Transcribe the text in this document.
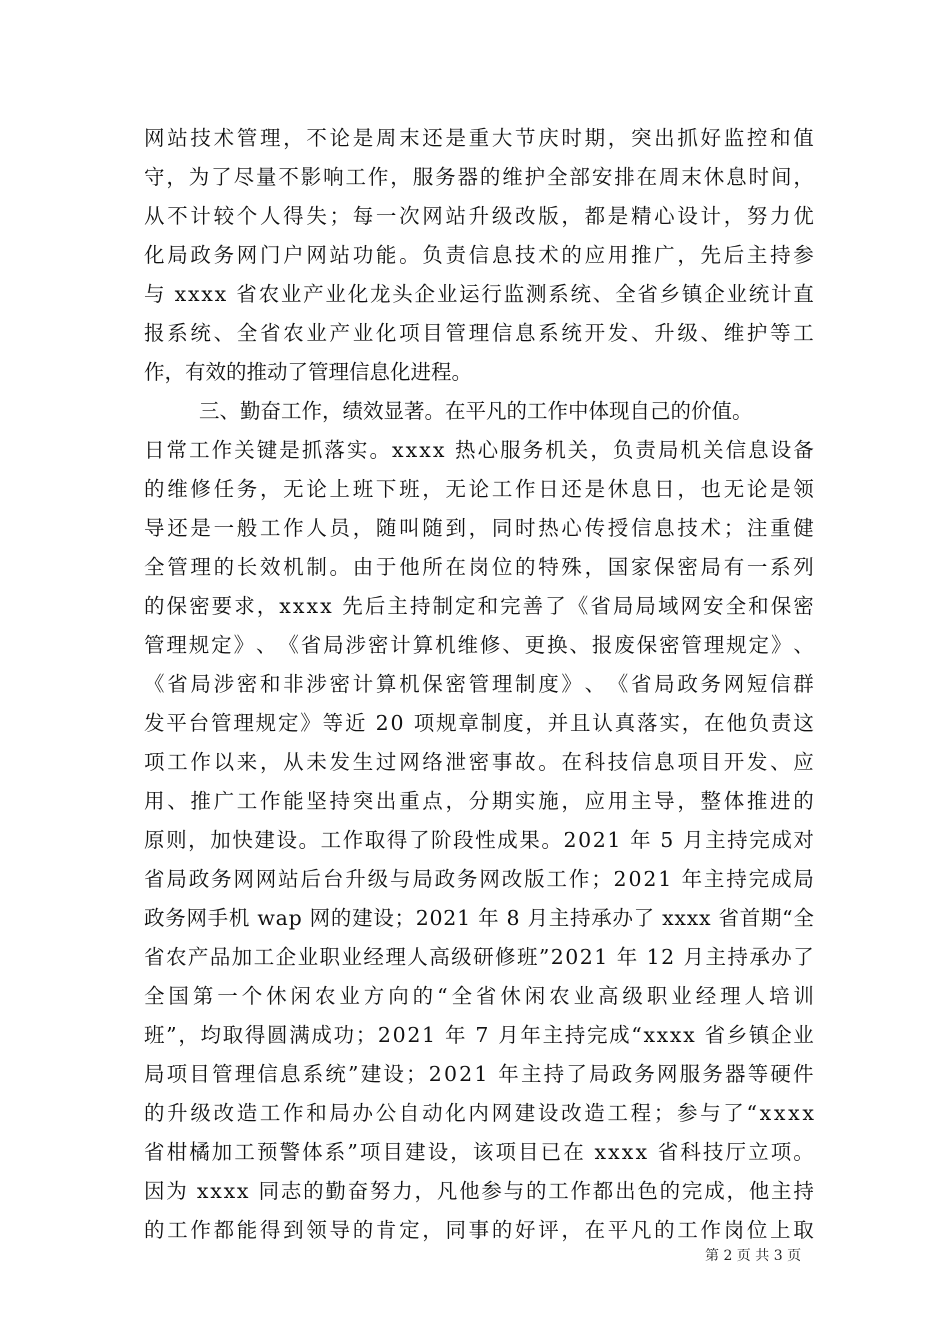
网 站 技 术 管 理 ， 不 论 是 周 末 还 是 重 大 节 庆 时 期 ， 突 出 抓 好 监 控 和 值
守 ， 为 了 尽 量 不 影 响 工 作 ， 服 务 器 的 维 护 全 部 安 排 在 周 末 休 息 时 间 ，
从 不 计 较 个 人 得 失 ； 每 一 次 网 站 升 级 改 版 ， 都 是 精 心 设 计 ， 努 力 优
化 局 政 务 网 门 户 网 站 功 能 。 负 责 信 息 技 术 的 应 用 推 广 ， 先 后 主 持 参
与
x x x x
省 农 业 产 业 化 龙 头 企 业 运 行 监 测 系 统 、 全 省 乡 镇 企 业 统 计 直
报 系 统 、 全 省 农 业 产 业 化 项 目 管 理 信 息 系 统 开 发 、 升 级 、 维 护 等 工
作，有效的推动了管理信息化进程。
三、勤奋工作，绩效显著。在平凡的工作中体现自己的价值。
日 常 工 作 关 键 是 抓 落 实 。 x x x x
热 心 服 务 机 关 ， 负 责 局 机 关 信 息 设 备
的 维 修 任 务 ， 无 论 上 班 下 班 ， 无 论 工 作 日 还 是 休 息 日 ， 也 无 论 是 领
导 还 是 一 般 工 作 人 员 ， 随 叫 随 到 ， 同 时 热 心 传 授 信 息 技 术 ； 注 重 健
全 管 理 的 长 效 机 制 。 由 于 他 所 在 岗 位 的 特 殊 ， 国 家 保 密 局 有 一 系 列
的 保 密 要 求 ， x x x x
先 后 主 持 制 定 和 完 善 了 《 省 局 局 域 网 安 全 和 保 密
管 理 规 定 》 、 《 省 局 涉 密 计 算 机 维 修 、 更 换 、 报 废 保 密 管 理 规 定 》 、
《 省 局 涉 密 和 非 涉 密 计 算 机 保 密 管 理 制 度 》 、 《 省 局 政 务 网 短 信 群
发 平 台 管 理 规 定 》 等 近
2 0
项 规 章 制 度 ， 并 且 认 真 落 实 ， 在 他 负 责 这
项 工 作 以 来 ， 从 未 发 生 过 网 络 泄 密 事 故 。 在 科 技 信 息 项 目 开 发 、 应
用 、 推 广 工 作 能 坚 持 突 出 重 点 ， 分 期 实 施 ， 应 用 主 导 ， 整 体 推 进 的
原 则 ， 加 快 建 设 。 工 作 取 得 了 阶 段 性 成 果 。 2 0 2 1
年
5
月 主 持 完 成 对
省 局 政 务 网 网 站 后 台 升 级 与 局 政 务 网 改 版 工 作 ； 2 0 2 1
年 主 持 完 成 局
政 务 网 手 机
w a p
网 的 建 设 ； 2 0 2 1
年
8
月 主 持 承 办 了
x x x x
省 首 期 “ 全
省 农 产 品 加 工 企 业 职 业 经 理 人 高 级 研 修 班 ” 2 0 2 1
年
1 2
月 主 持 承 办 了
全 国 第 一 个 休 闲 农 业 方 向 的 “ 全 省 休 闲 农 业 高 级 职 业 经 理 人 培 训
班 ” ， 均 取 得 圆 满 成 功 ； 2 0 2 1
年
7
月 年 主 持 完 成 “ x x x x
省 乡 镇 企 业
局 项 目 管 理 信 息 系 统 ” 建 设 ； 2 0 2 1
年 主 持 了 局 政 务 网 服 务 器 等 硬 件
的 升 级 改 造 工 作 和 局 办 公 自 动 化 内 网 建 设 改 造 工 程 ； 参 与 了 “ x x x x
省 柑 橘 加 工 预 警 体 系 ” 项 目 建 设 ， 该 项 目 已 在
x x x x
省 科 技 厅 立 项 。
因 为
x x x x
同 志 的 勤 奋 努 力 ， 凡 他 参 与 的 工 作 都 出 色 的 完 成 ， 他 主 持
的 工 作 都 能 得 到 领 导 的 肯 定 ， 同 事 的 好 评 ， 在 平 凡 的 工 作 岗 位 上 取
第 2 页 共 3 页
